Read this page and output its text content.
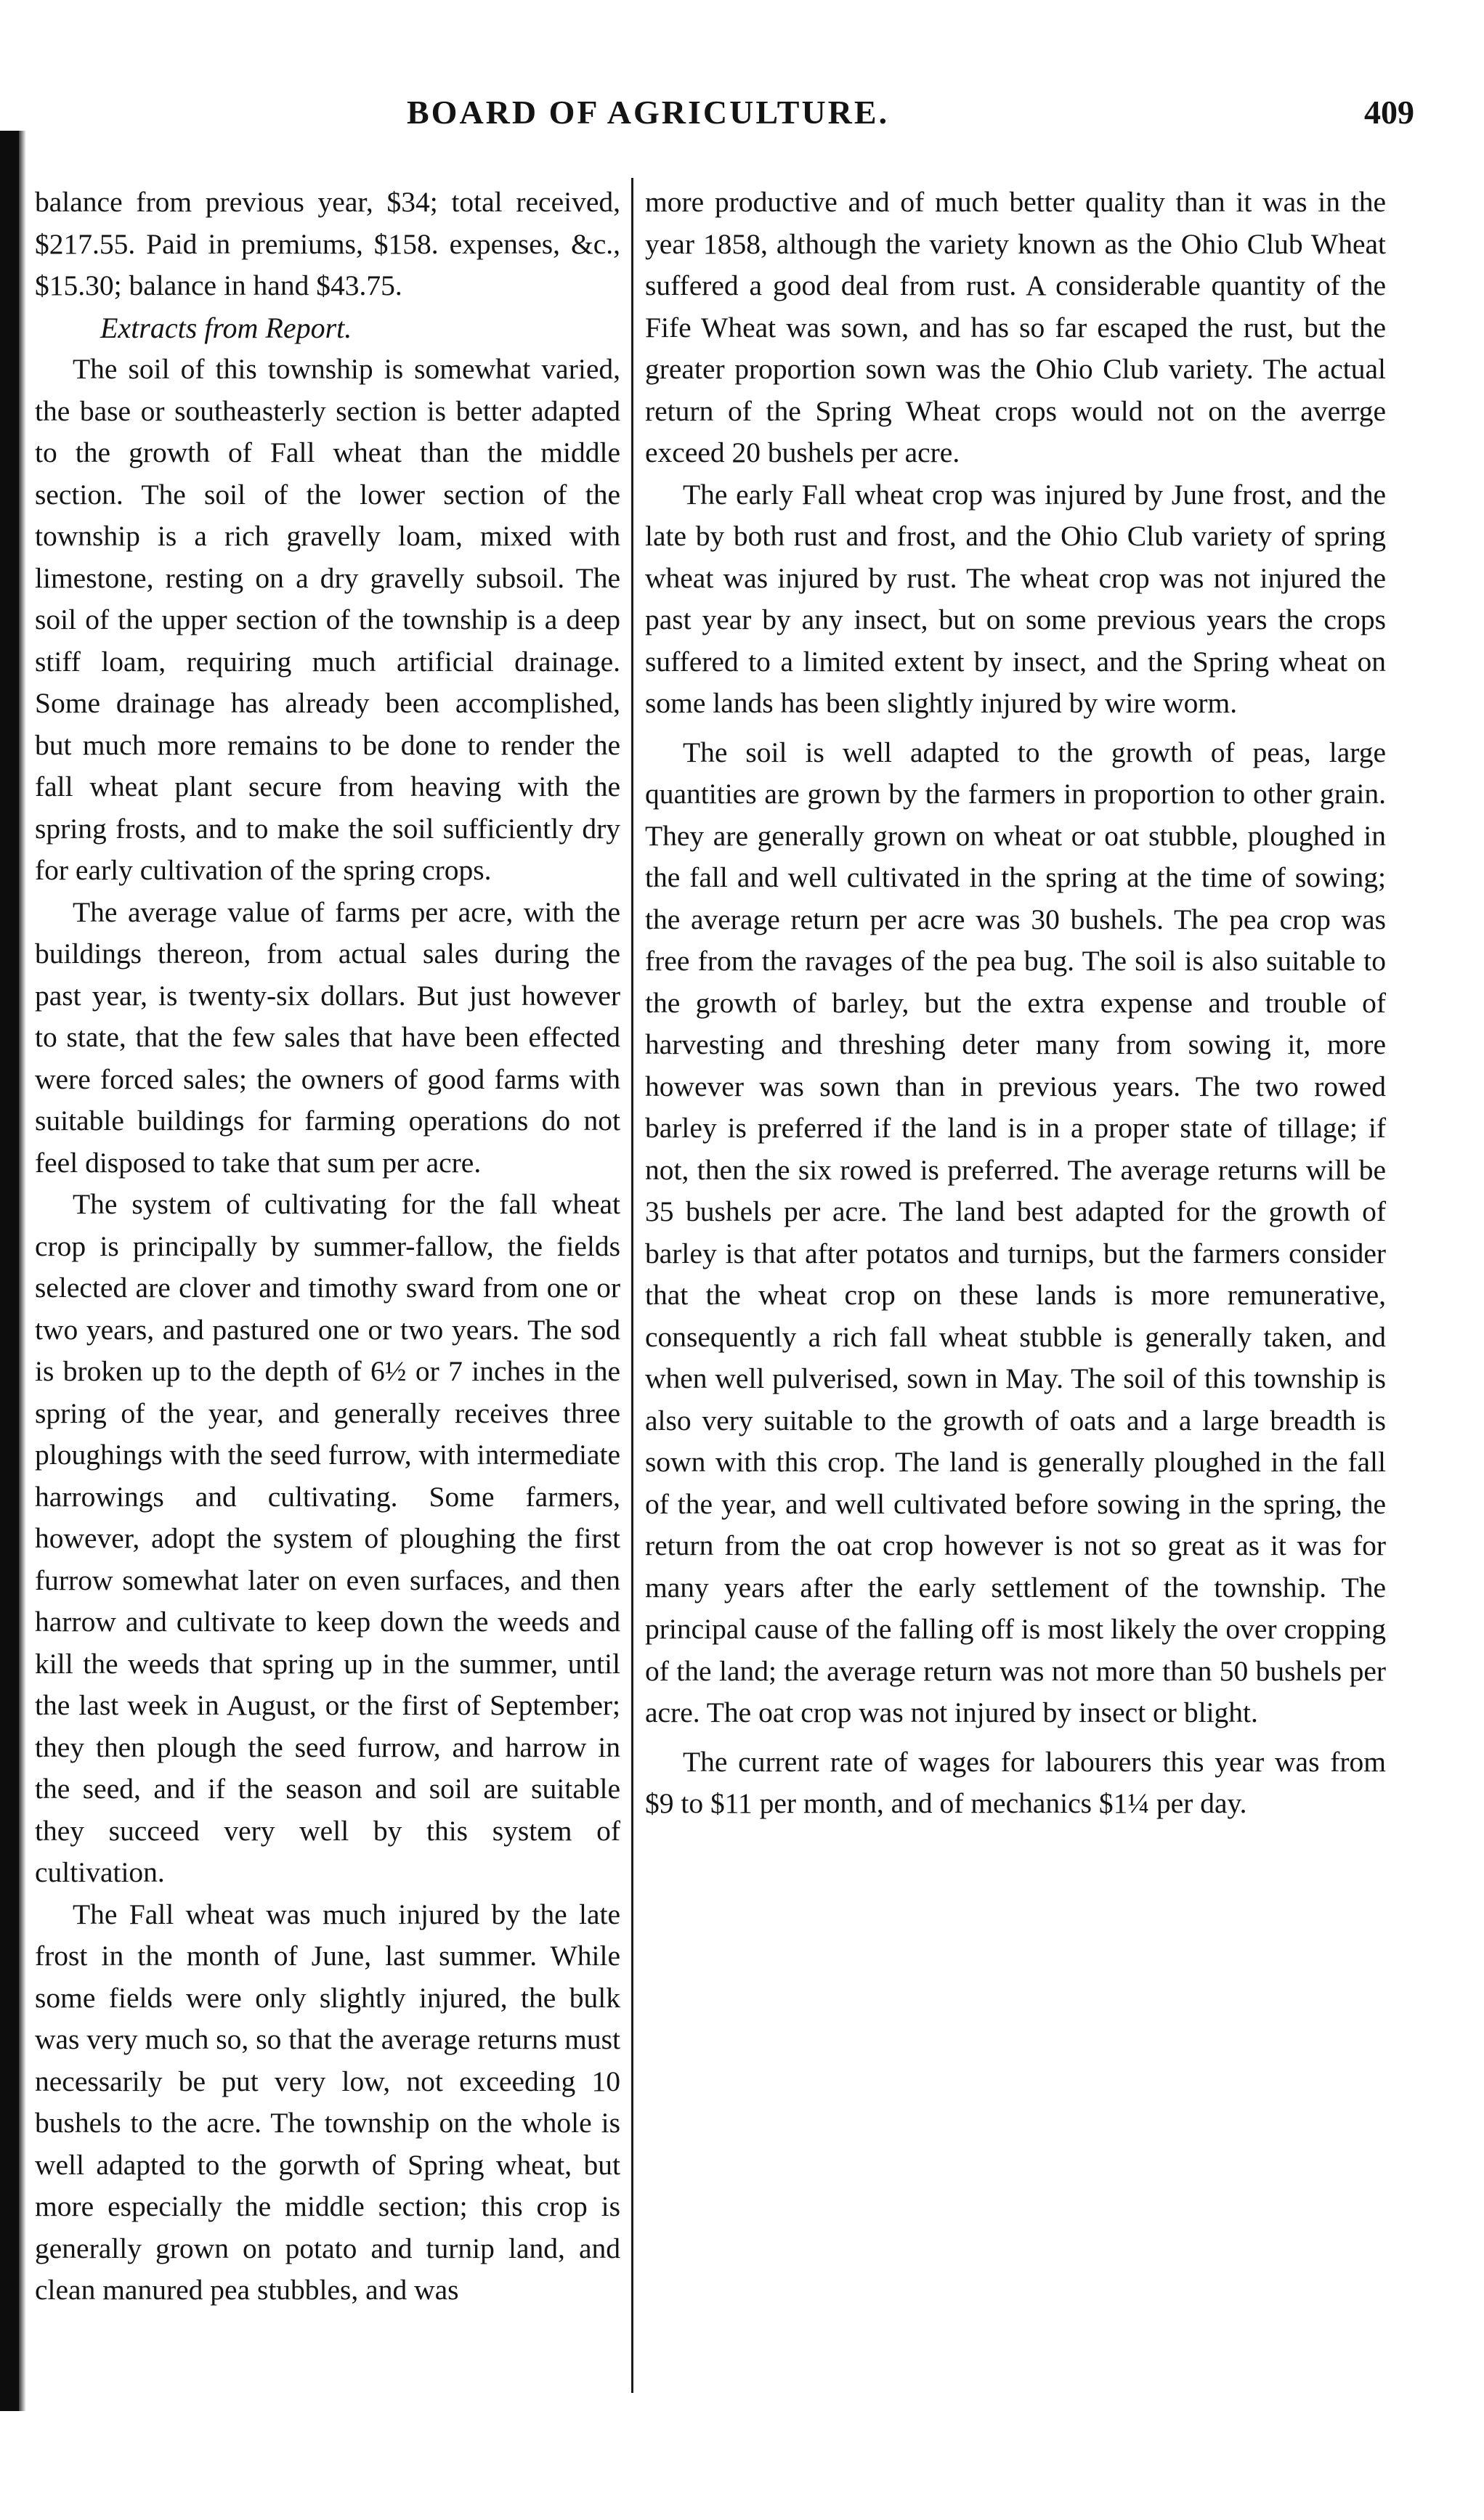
BOARD OF AGRICULTURE.	409

balance from previous year, $34; total received, $217.55. Paid in premiums, $158. expenses, &c., $15.30; balance in hand $43.75.

Extracts from Report.

The soil of this township is somewhat varied, the base or southeasterly section is better adapted to the growth of Fall wheat than the middle section. The soil of the lower section of the township is a rich gravelly loam, mixed with limestone, resting on a dry gravelly subsoil. The soil of the upper section of the township is a deep stiff loam, requiring much artificial drainage. Some drainage has already been accomplished, but much more remains to be done to render the fall wheat plant secure from heaving with the spring frosts, and to make the soil sufficiently dry for early cultivation of the spring crops.

The average value of farms per acre, with the buildings thereon, from actual sales during the past year, is twenty-six dollars. But just however to state, that the few sales that have been effected were forced sales; the owners of good farms with suitable buildings for farming operations do not feel disposed to take that sum per acre.

The system of cultivating for the fall wheat crop is principally by summer-fallow, the fields selected are clover and timothy sward from one or two years, and pastured one or two years. The sod is broken up to the depth of 6½ or 7 inches in the spring of the year, and generally receives three ploughings with the seed furrow, with intermediate harrowings and cultivating. Some farmers, however, adopt the system of ploughing the first furrow somewhat later on even surfaces, and then harrow and cultivate to keep down the weeds and kill the weeds that spring up in the summer, until the last week in August, or the first of September; they then plough the seed furrow, and harrow in the seed, and if the season and soil are suitable they succeed very well by this system of cultivation.

The Fall wheat was much injured by the late frost in the month of June, last summer. While some fields were only slightly injured, the bulk was very much so, so that the average returns must necessarily be put very low, not exceeding 10 bushels to the acre. The township on the whole is well adapted to the gorwth of Spring wheat, but more especially the middle section; this crop is generally grown on potato and turnip land, and clean manured pea stubbles, and was

more productive and of much better quality than it was in the year 1858, although the variety known as the Ohio Club Wheat suffered a good deal from rust. A considerable quantity of the Fife Wheat was sown, and has so far escaped the rust, but the greater proportion sown was the Ohio Club variety. The actual return of the Spring Wheat crops would not on the averrge exceed 20 bushels per acre.

The early Fall wheat crop was injured by June frost, and the late by both rust and frost, and the Ohio Club variety of spring wheat was injured by rust. The wheat crop was not injured the past year by any insect, but on some previous years the crops suffered to a limited extent by insect, and the Spring wheat on some lands has been slightly injured by wire worm.

The soil is well adapted to the growth of peas, large quantities are grown by the farmers in proportion to other grain. They are generally grown on wheat or oat stubble, ploughed in the fall and well cultivated in the spring at the time of sowing; the average return per acre was 30 bushels. The pea crop was free from the ravages of the pea bug. The soil is also suitable to the growth of barley, but the extra expense and trouble of harvesting and threshing deter many from sowing it, more however was sown than in previous years. The two rowed barley is preferred if the land is in a proper state of tillage; if not, then the six rowed is preferred. The average returns will be 35 bushels per acre. The land best adapted for the growth of barley is that after potatos and turnips, but the farmers consider that the wheat crop on these lands is more remunerative, consequently a rich fall wheat stubble is generally taken, and when well pulverised, sown in May. The soil of this township is also very suitable to the growth of oats and a large breadth is sown with this crop. The land is generally ploughed in the fall of the year, and well cultivated before sowing in the spring, the return from the oat crop however is not so great as it was for many years after the early settlement of the township. The principal cause of the falling off is most likely the over cropping of the land; the average return was not more than 50 bushels per acre. The oat crop was not injured by insect or blight.

The current rate of wages for labourers this year was from $9 to $11 per month, and of mechanics $1¼ per day.
